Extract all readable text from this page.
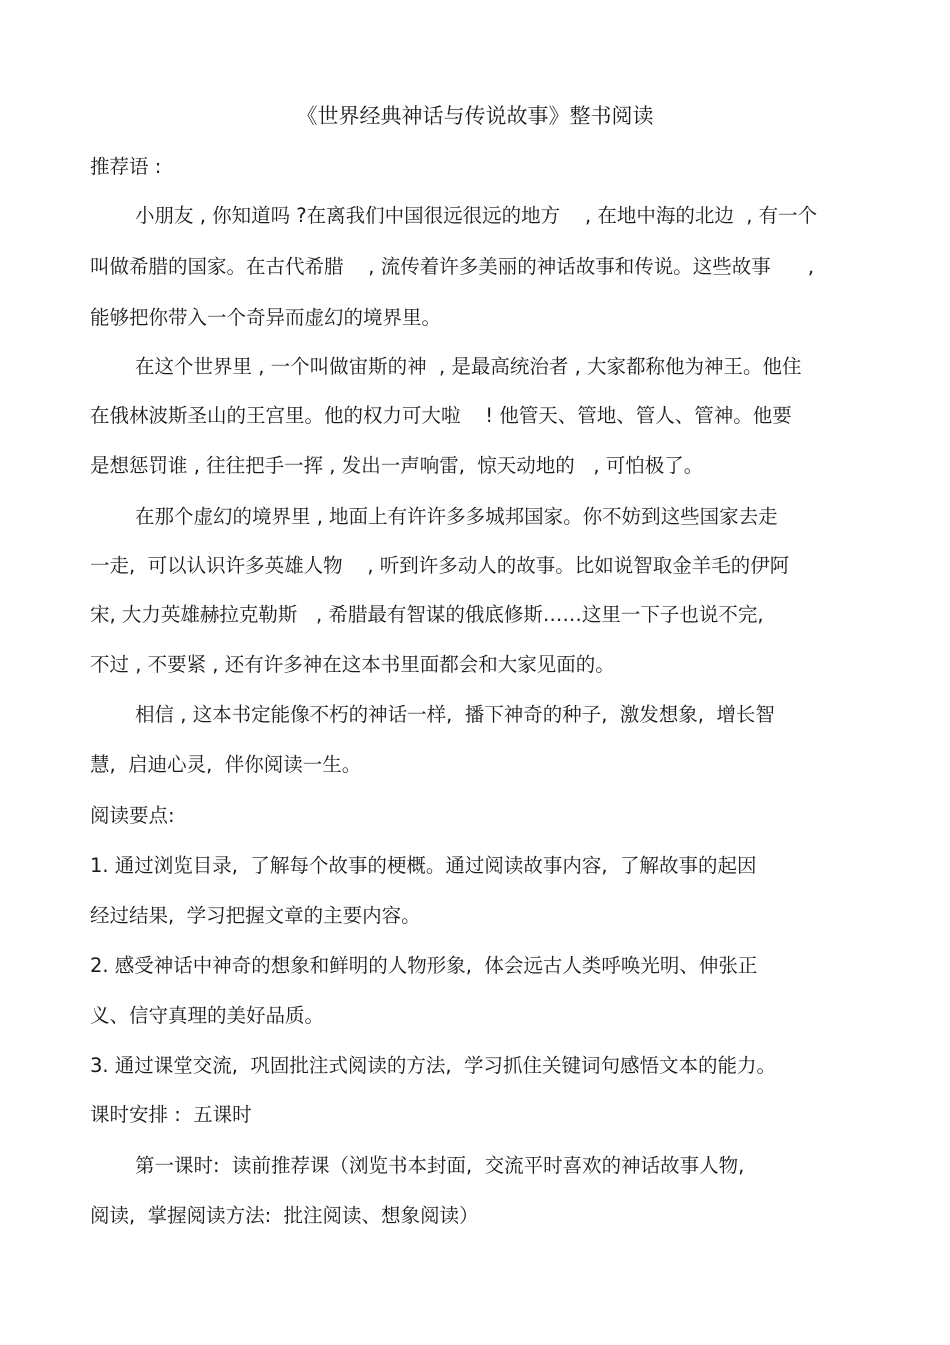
《世界经典神话与传说故事》整书阅读
推荐语 :
小朋友 , 你知道吗 ?在离我们中国很远很远的地方    , 在地中海的北边  , 有一个
叫做希腊的国家。在古代希腊    , 流传着许多美丽的神话故事和传说。这些故事      ,
能够把你带入一个奇异而虚幻的境界里。
在这个世界里 , 一个叫做宙斯的神  , 是最高统治者 , 大家都称他为神王。他住
在俄林波斯圣山的王宫里。他的权力可大啦    ! 他管天、管地、管人、管神。他要
是想惩罚谁 , 往往把手一挥 , 发出一声响雷,  惊天动地的   , 可怕极了。
在那个虚幻的境界里 , 地面上有许许多多城邦国家。你不妨到这些国家去走
一走,  可以认识许多英雄人物    , 听到许多动人的故事。比如说智取金羊毛的伊阿
宋, 大力英雄赫拉克勒斯   , 希腊最有智谋的俄底修斯……这里一下子也说不完,
不过 , 不要紧 , 还有许多神在这本书里面都会和大家见面的。
相信 , 这本书定能像不朽的神话一样,  播下神奇的种子,  激发想象,  增长智
慧,  启迪心灵,  伴你阅读一生。
阅读要点:
1. 通过浏览目录,  了解每个故事的梗概。通过阅读故事内容,  了解故事的起因
经过结果,  学习把握文章的主要内容。
2. 感受神话中神奇的想象和鲜明的人物形象,  体会远古人类呼唤光明、伸张正
义、信守真理的美好品质。
3. 通过课堂交流,  巩固批注式阅读的方法,  学习抓住关键词句感悟文本的能力。
课时安排 :  五课时
第一课时:  读前推荐课（浏览书本封面,  交流平时喜欢的神话故事人物,
阅读,  掌握阅读方法:  批注阅读、想象阅读）
